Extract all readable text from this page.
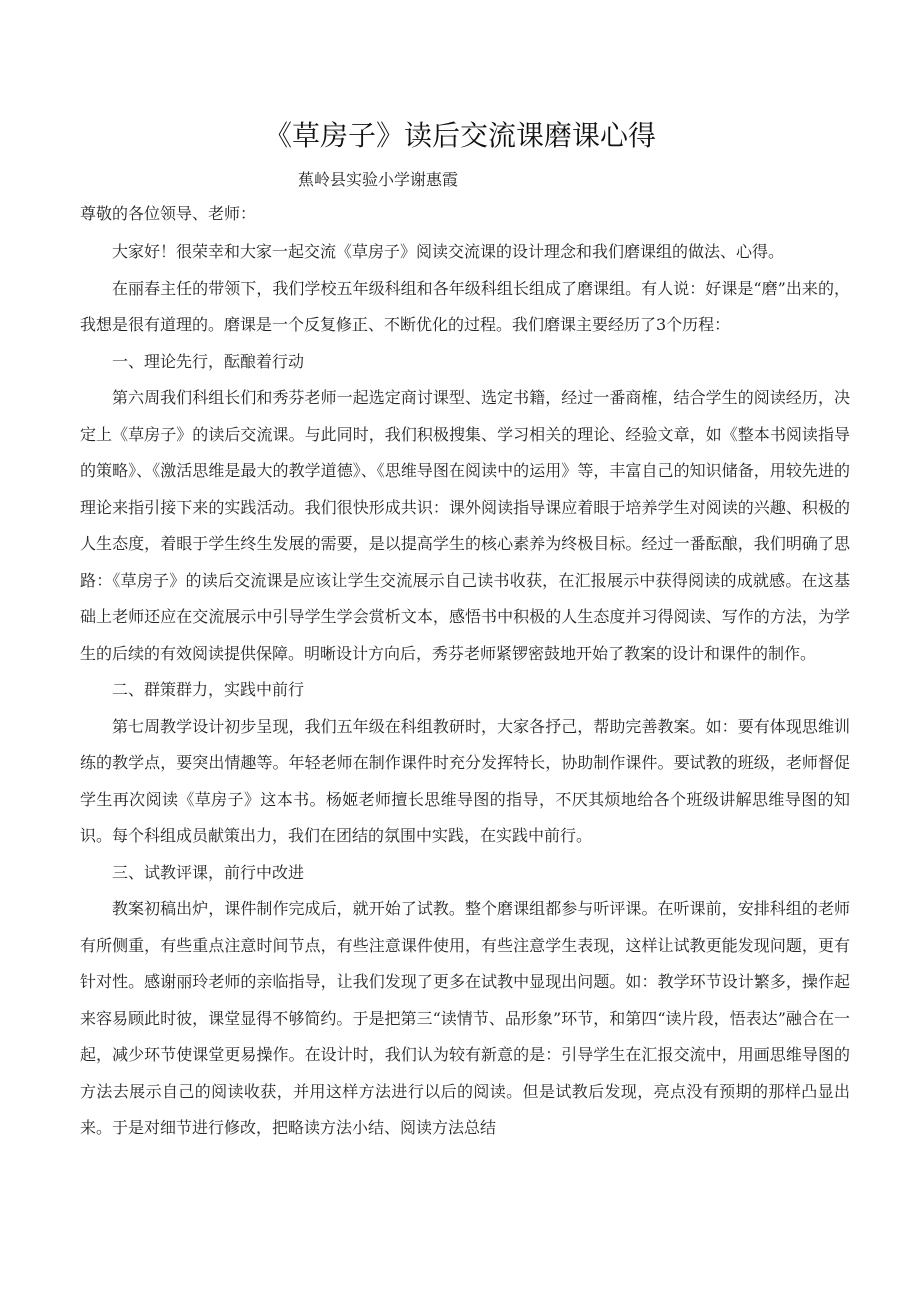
《草房子》读后交流课磨课心得
蕉岭县实验小学谢惠霞
尊敬的各位领导、老师：

大家好！很荣幸和大家一起交流《草房子》阅读交流课的设计理念和我们磨课组的做法、心得。

在丽春主任的带领下，我们学校五年级科组和各年级科组长组成了磨课组。有人说：好课是“磨”出来的，我想是很有道理的。磨课是一个反复修正、不断优化的过程。我们磨课主要经历了3个历程：

一、理论先行，酝酿着行动

第六周我们科组长们和秀芬老师一起选定商讨课型、选定书籍，经过一番商榷，结合学生的阅读经历，决定上《草房子》的读后交流课。与此同时，我们积极搜集、学习相关的理论、经验文章，如《整本书阅读指导的策略》、《激活思维是最大的教学道德》、《思维导图在阅读中的运用》等，丰富自己的知识储备，用较先进的理论来指引接下来的实践活动。我们很快形成共识：课外阅读指导课应着眼于培养学生对阅读的兴趣、积极的人生态度，着眼于学生终生发展的需要，是以提高学生的核心素养为终极目标。经过一番酝酿，我们明确了思路：《草房子》的读后交流课是应该让学生交流展示自己读书收获，在汇报展示中获得阅读的成就感。在这基础上老师还应在交流展示中引导学生学会赏析文本，感悟书中积极的人生态度并习得阅读、写作的方法，为学生的后续的有效阅读提供保障。明晰设计方向后，秀芬老师紧锣密鼓地开始了教案的设计和课件的制作。

二、群策群力，实践中前行

第七周教学设计初步呈现，我们五年级在科组教研时，大家各抒己，帮助完善教案。如：要有体现思维训练的教学点，要突出情趣等。年轻老师在制作课件时充分发挥特长，协助制作课件。要试教的班级，老师督促学生再次阅读《草房子》这本书。杨姬老师擅长思维导图的指导，不厌其烦地给各个班级讲解思维导图的知识。每个科组成员献策出力，我们在团结的氛围中实践，在实践中前行。

三、试教评课，前行中改进

教案初稿出炉，课件制作完成后，就开始了试教。整个磨课组都参与听评课。在听课前，安排科组的老师有所侧重，有些重点注意时间节点，有些注意课件使用，有些注意学生表现，这样让试教更能发现问题，更有针对性。感谢丽玲老师的亲临指导，让我们发现了更多在试教中显现出问题。如：教学环节设计繁多，操作起来容易顾此时彼，课堂显得不够简约。于是把第三“读情节、品形象”环节，和第四“读片段，悟表达”融合在一起，减少环节使课堂更易操作。在设计时，我们认为较有新意的是：引导学生在汇报交流中，用画思维导图的方法去展示自己的阅读收获，并用这样方法进行以后的阅读。但是试教后发现，亮点没有预期的那样凸显出来。于是对细节进行修改，把略读方法小结、阅读方法总结
